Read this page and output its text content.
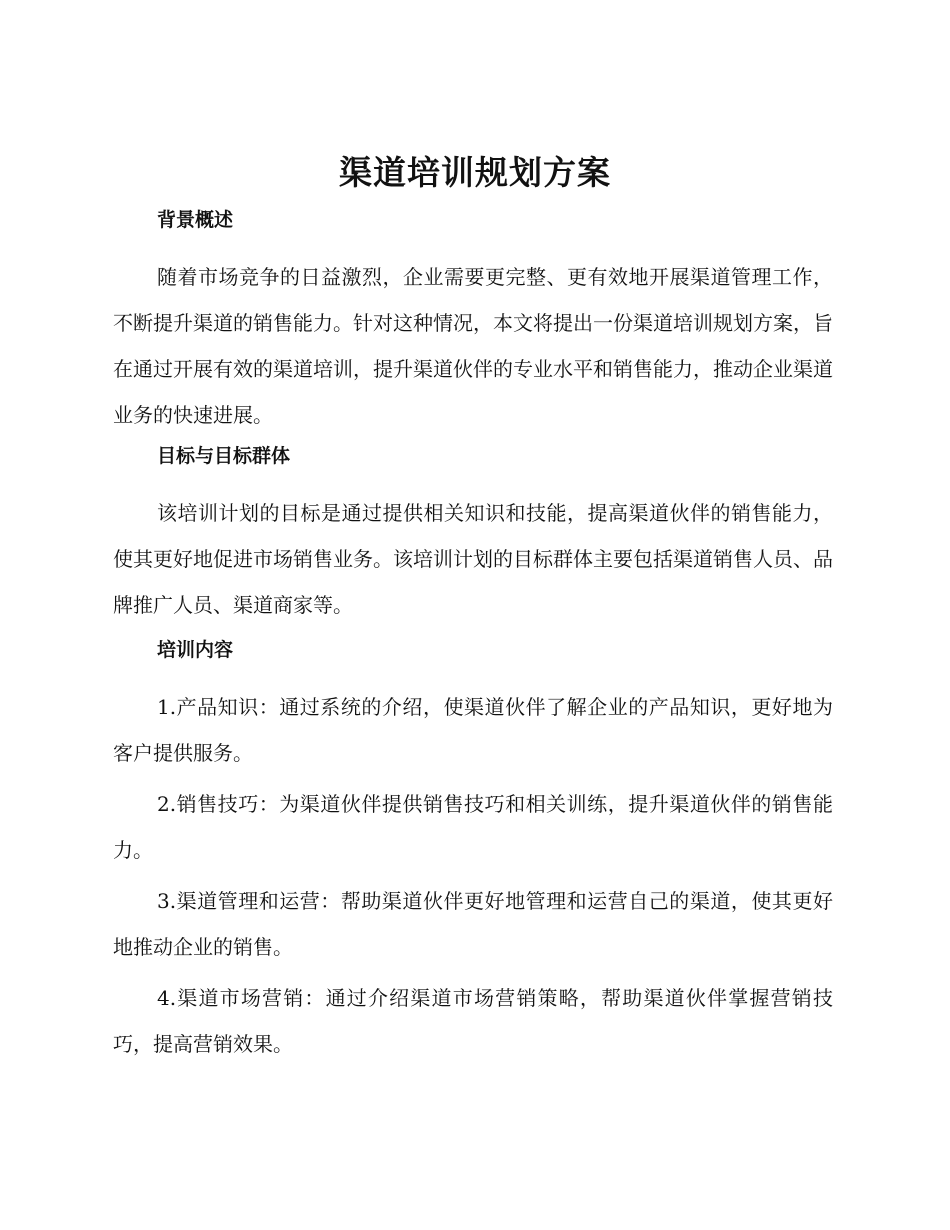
渠道培训规划方案
背景概述

随着市场竞争的日益激烈，企业需要更完整、更有效地开展渠道管理工作，不断提升渠道的销售能力。针对这种情况，本文将提出一份渠道培训规划方案，旨在通过开展有效的渠道培训，提升渠道伙伴的专业水平和销售能力，推动企业渠道业务的快速进展。

目标与目标群体

该培训计划的目标是通过提供相关知识和技能，提高渠道伙伴的销售能力，使其更好地促进市场销售业务。该培训计划的目标群体主要包括渠道销售人员、品牌推广人员、渠道商家等。

培训内容

1.产品知识：通过系统的介绍，使渠道伙伴了解企业的产品知识，更好地为客户提供服务。

2.销售技巧：为渠道伙伴提供销售技巧和相关训练，提升渠道伙伴的销售能力。

3.渠道管理和运营：帮助渠道伙伴更好地管理和运营自己的渠道，使其更好地推动企业的销售。

4.渠道市场营销：通过介绍渠道市场营销策略，帮助渠道伙伴掌握营销技巧，提高营销效果。
